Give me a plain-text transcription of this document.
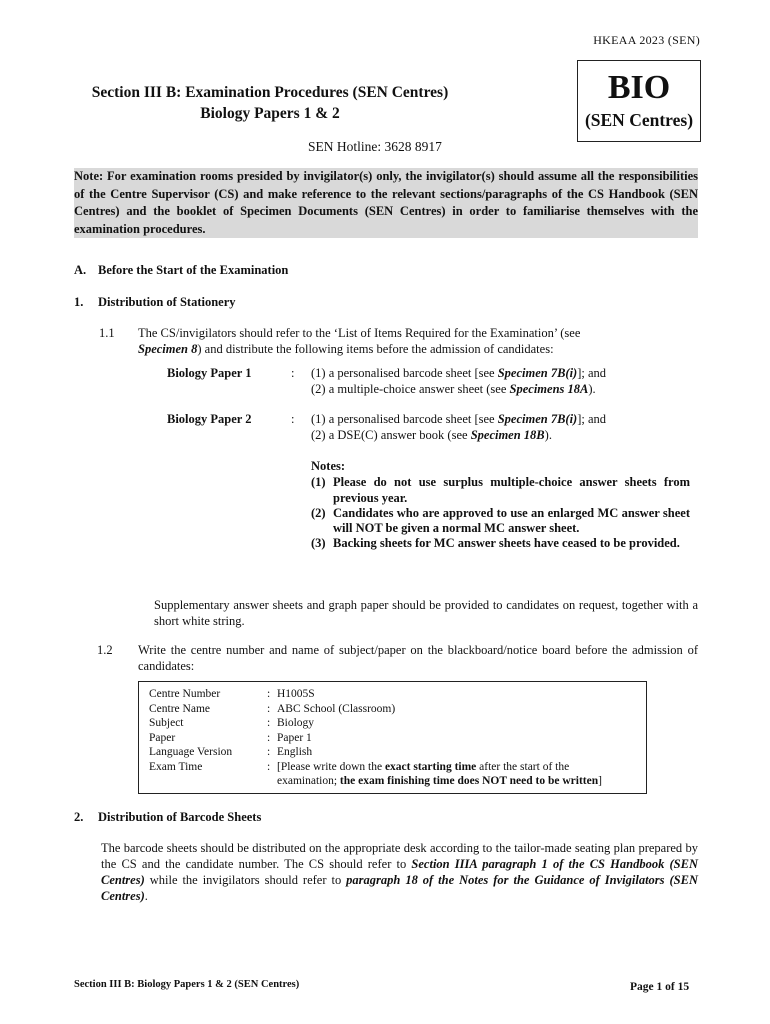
HKEAA 2023 (SEN)
Section III B: Examination Procedures (SEN Centres)
Biology Papers 1 & 2
BIO
(SEN Centres)
SEN Hotline: 3628 8917
Note: For examination rooms presided by invigilator(s) only, the invigilator(s) should assume all the responsibilities of the Centre Supervisor (CS) and make reference to the relevant sections/paragraphs of the CS Handbook (SEN Centres) and the booklet of Specimen Documents (SEN Centres) in order to familiarise themselves with the examination procedures.
A. Before the Start of the Examination
1. Distribution of Stationery
1.1 The CS/invigilators should refer to the ‘List of Items Required for the Examination’ (see
Specimen 8) and distribute the following items before the admission of candidates:
Biology Paper 1	: (1) a personalised barcode sheet [see Specimen 7B(i)]; and
(2) a multiple-choice answer sheet (see Specimens 18A).
Biology Paper 2	: (1) a personalised barcode sheet [see Specimen 7B(i)]; and
(2) a DSE(C) answer book (see Specimen 18B).
Notes:
(1) Please do not use surplus multiple-choice answer sheets from previous year.
(2) Candidates who are approved to use an enlarged MC answer sheet will NOT be given a normal MC answer sheet.
(3) Backing sheets for MC answer sheets have ceased to be provided.
Supplementary answer sheets and graph paper should be provided to candidates on request, together with a short white string.
1.2 Write the centre number and name of subject/paper on the blackboard/notice board before the admission of candidates:
Centre Number	: H1005S
Centre Name	: ABC School (Classroom)
Subject	: Biology
Paper	: Paper 1
Language Version	: English
Exam Time	: [Please write down the exact starting time after the start of the
examination; the exam finishing time does NOT need to be written]
2. Distribution of Barcode Sheets
The barcode sheets should be distributed on the appropriate desk according to the tailor-made seating plan prepared by the CS and the candidate number. The CS should refer to Section IIIA paragraph 1 of the CS Handbook (SEN Centres) while the invigilators should refer to paragraph 18 of the Notes for the Guidance of Invigilators (SEN Centres).
Section III B: Biology Papers 1 & 2 (SEN Centres)	Page 1 of 15
